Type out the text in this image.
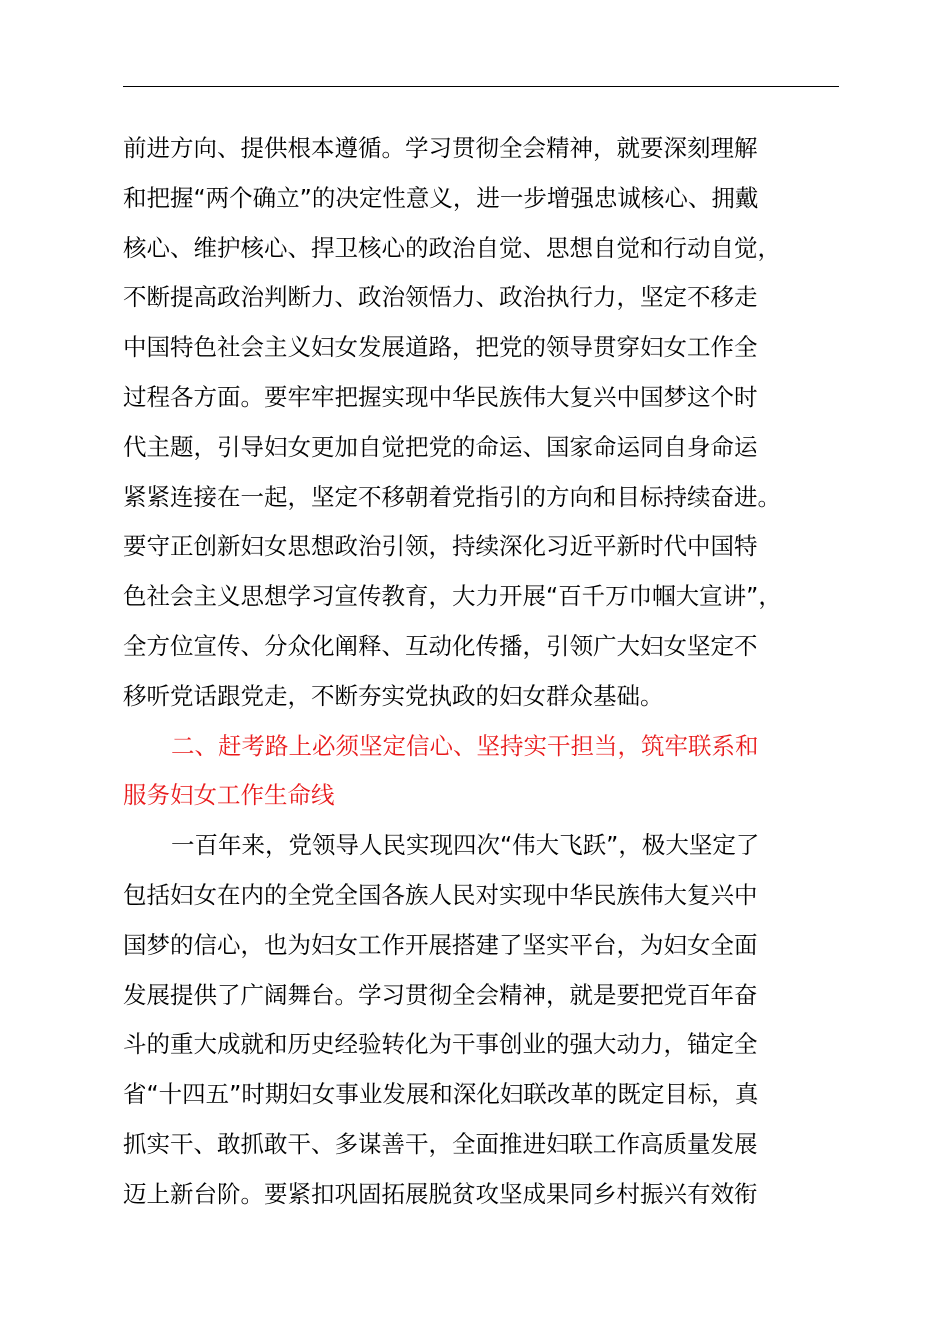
前进方向、提供根本遵循。学习贯彻全会精神，就要深刻理解
和把握“两个确立”的决定性意义，进一步增强忠诚核心、拥戴
核心、维护核心、捍卫核心的政治自觉、思想自觉和行动自觉，
不断提高政治判断力、政治领悟力、政治执行力，坚定不移走
中国特色社会主义妇女发展道路，把党的领导贯穿妇女工作全
过程各方面。要牢牢把握实现中华民族伟大复兴中国梦这个时
代主题，引导妇女更加自觉把党的命运、国家命运同自身命运
紧紧连接在一起，坚定不移朝着党指引的方向和目标持续奋进。
要守正创新妇女思想政治引领，持续深化习近平新时代中国特
色社会主义思想学习宣传教育，大力开展“百千万巾帼大宣讲”，
全方位宣传、分众化阐释、互动化传播，引领广大妇女坚定不
移听党话跟党走，不断夯实党执政的妇女群众基础。
二、赶考路上必须坚定信心、坚持实干担当，筑牢联系和
服务妇女工作生命线
一百年来，党领导人民实现四次“伟大飞跃”，极大坚定了
包括妇女在内的全党全国各族人民对实现中华民族伟大复兴中
国梦的信心，也为妇女工作开展搭建了坚实平台，为妇女全面
发展提供了广阔舞台。学习贯彻全会精神，就是要把党百年奋
斗的重大成就和历史经验转化为干事创业的强大动力，锚定全
省“十四五”时期妇女事业发展和深化妇联改革的既定目标，真
抓实干、敢抓敢干、多谋善干，全面推进妇联工作高质量发展
迈上新台阶。要紧扣巩固拓展脱贫攻坚成果同乡村振兴有效衔
